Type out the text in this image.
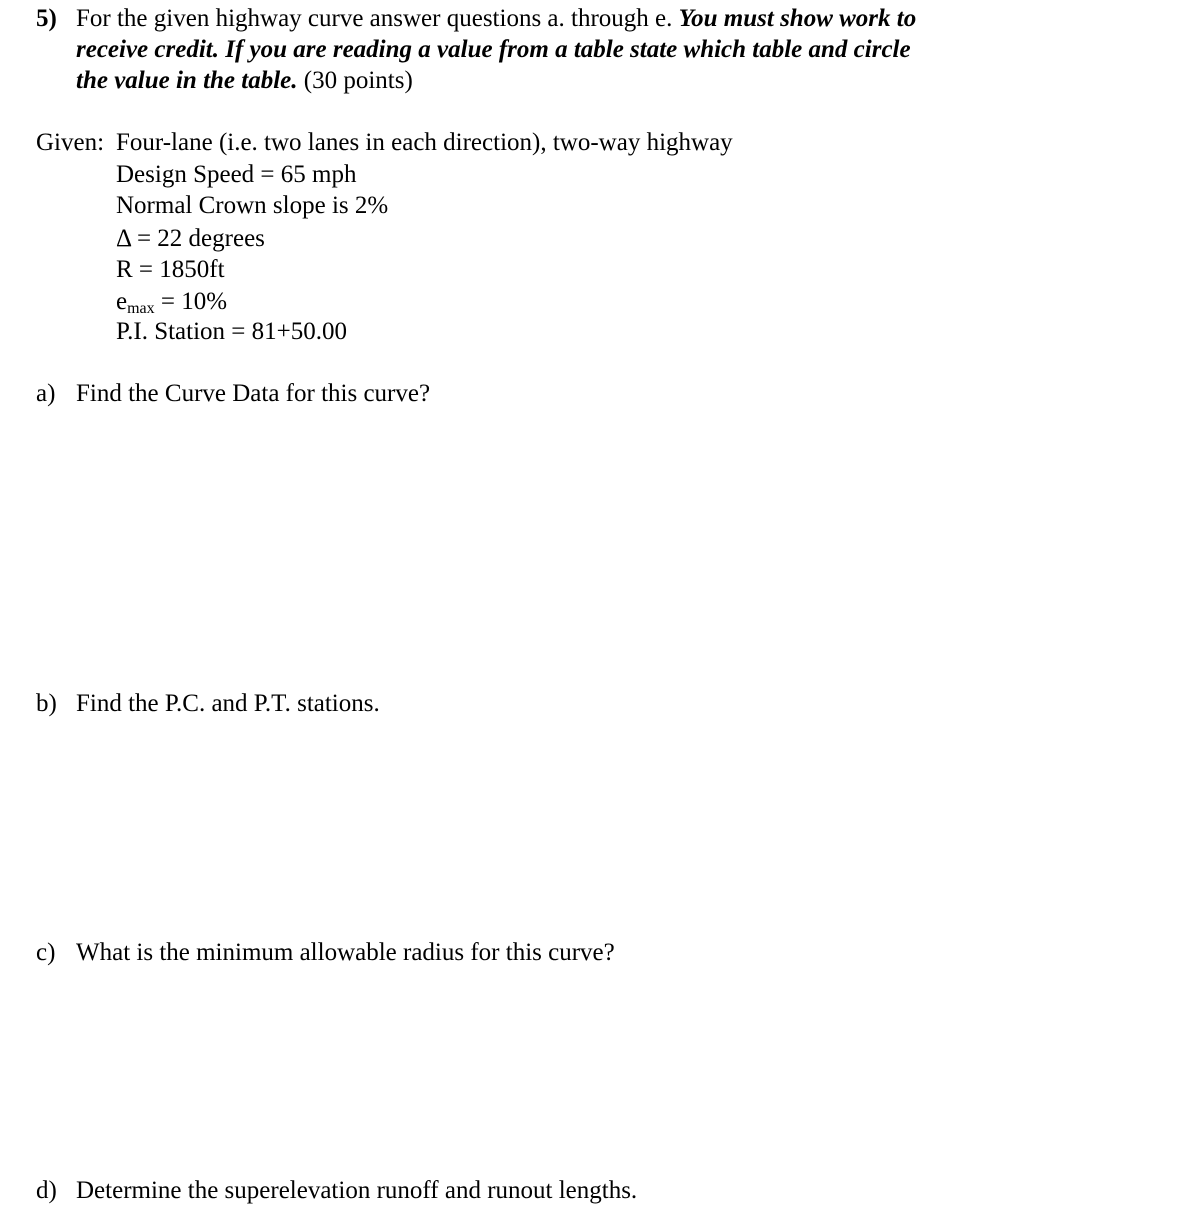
5) For the given highway curve answer questions a. through e. You must show work to
receive credit. If you are reading a value from a table state which table and circle
the value in the table. (30 points)
Given: Four-lane (i.e. two lanes in each direction), two-way highway
Design Speed = 65 mph
Normal Crown slope is 2%
Δ = 22 degrees
R = 1850ft
$e_{max} = 10\%$
P.I. Station = 81+50.00
a) Find the Curve Data for this curve?
b) Find the P.C. and P.T. stations.
c) What is the minimum allowable radius for this curve?
d) Determine the superelevation runoff and runout lengths.
